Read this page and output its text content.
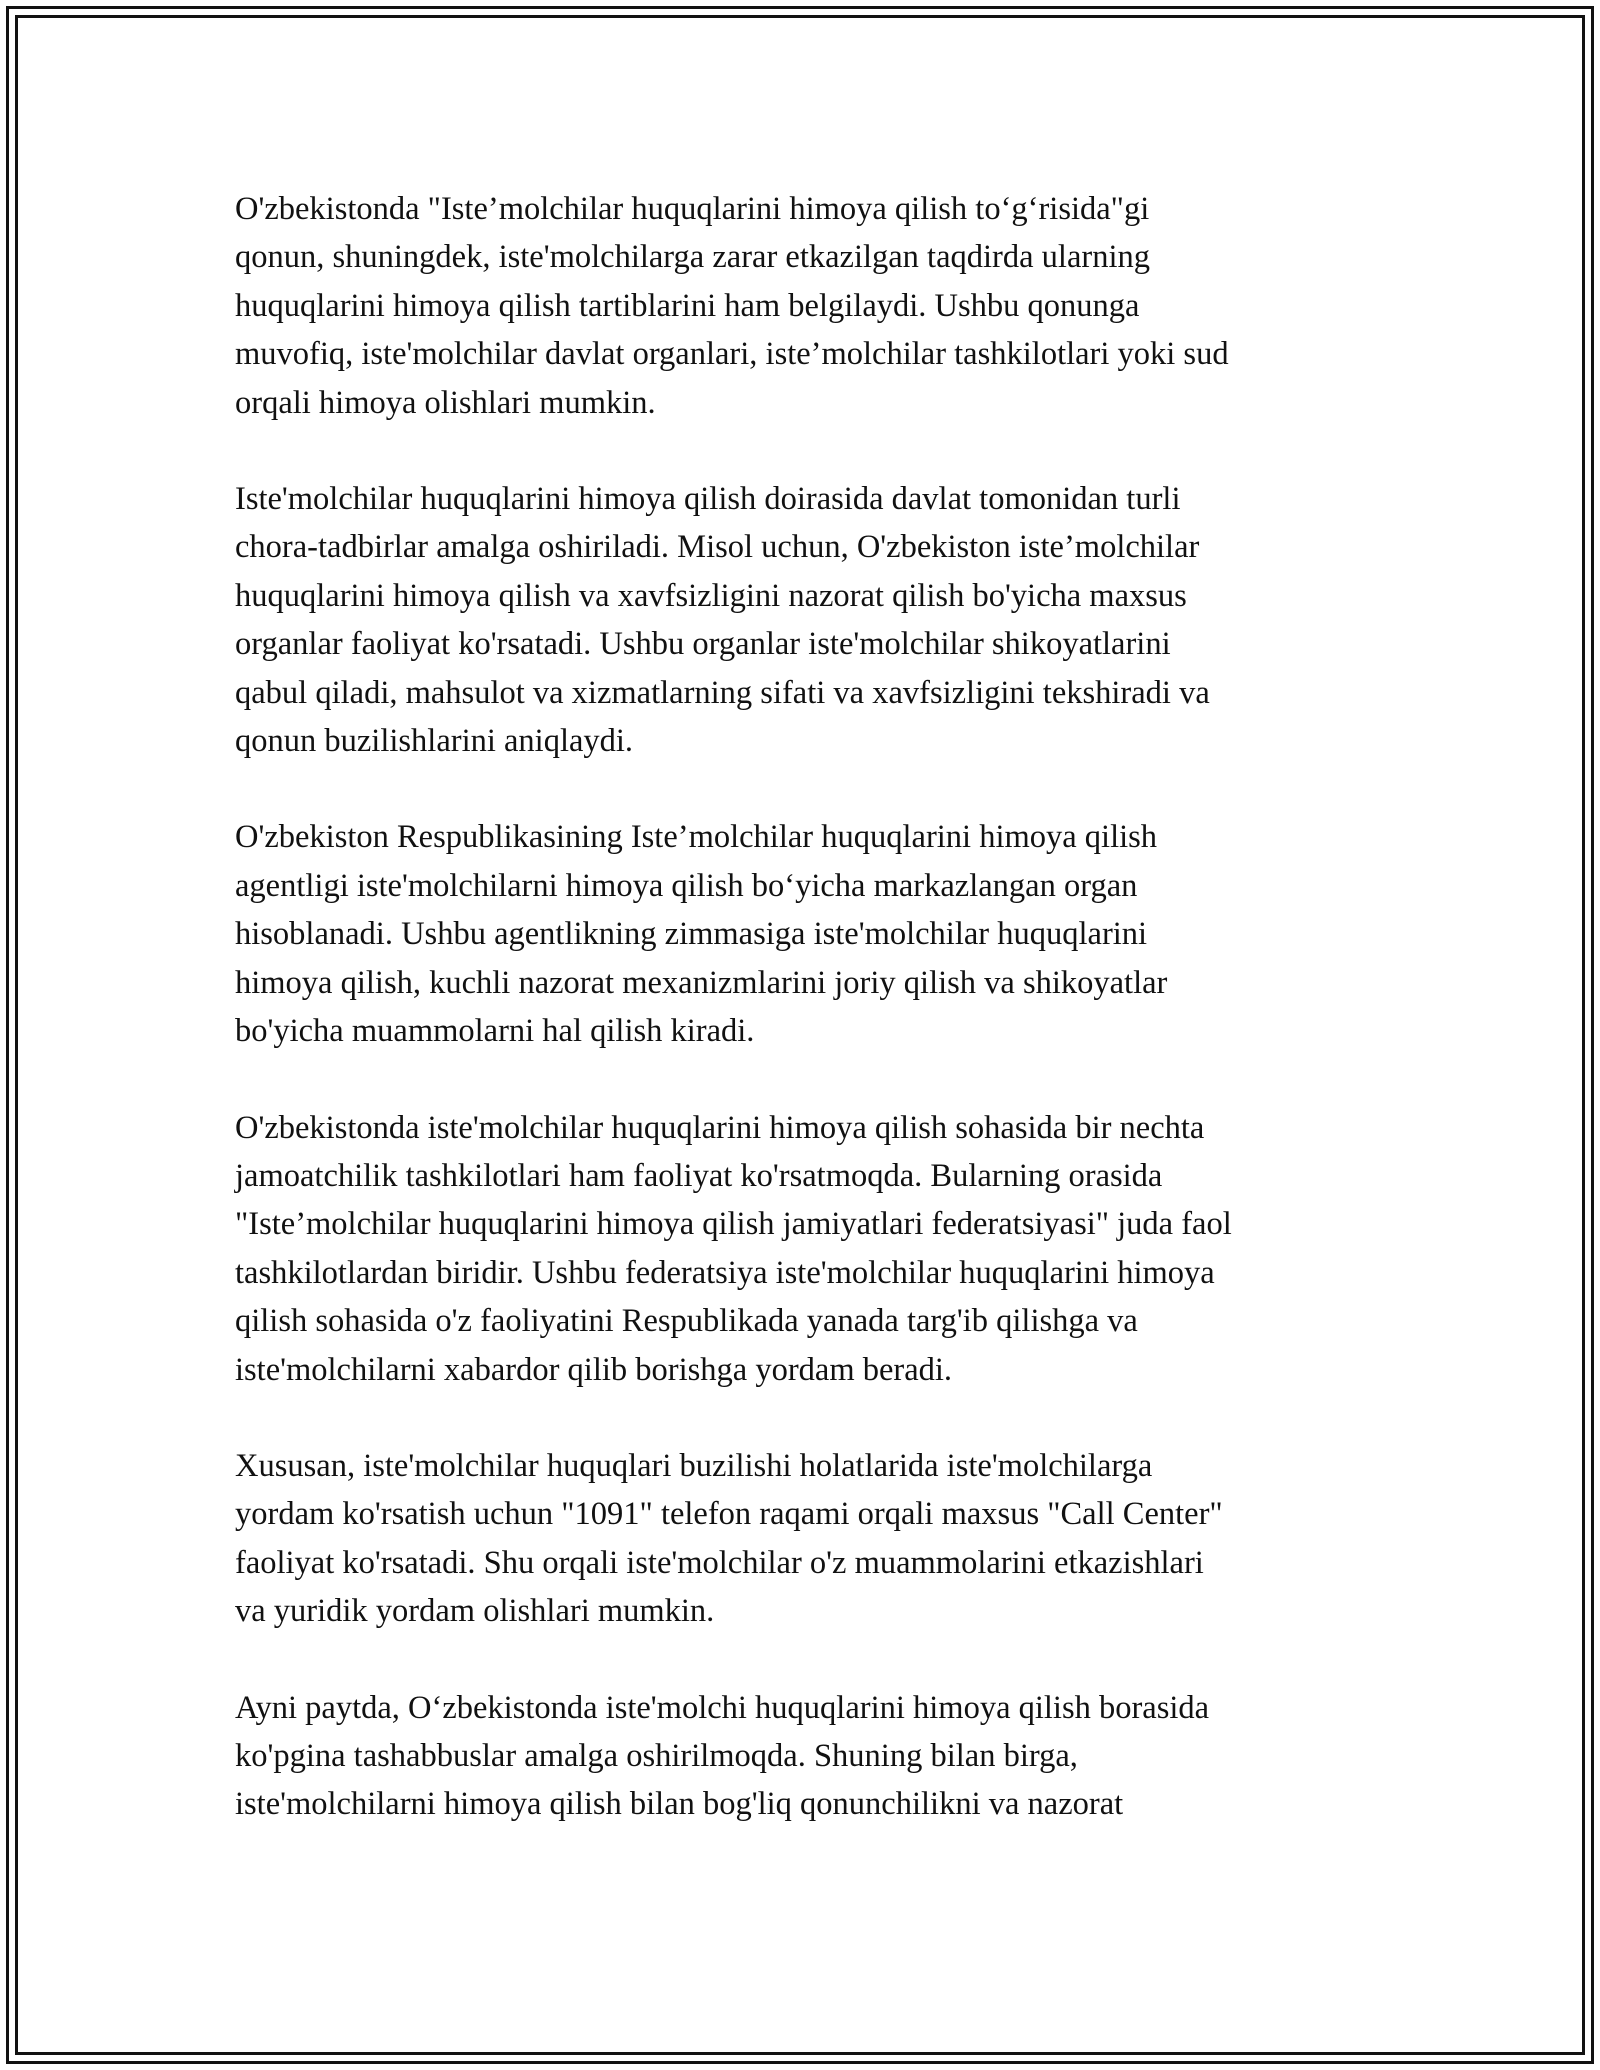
O'zbekistonda "Iste’molchilar huquqlarini himoya qilish to‘g‘risida"gi
qonun, shuningdek, iste'molchilarga zarar etkazilgan taqdirda ularning
huquqlarini himoya qilish tartiblarini ham belgilaydi. Ushbu qonunga
muvofiq, iste'molchilar davlat organlari, iste’molchilar tashkilotlari yoki sud
orqali himoya olishlari mumkin.

Iste'molchilar huquqlarini himoya qilish doirasida davlat tomonidan turli
chora-tadbirlar amalga oshiriladi. Misol uchun, O'zbekiston iste’molchilar
huquqlarini himoya qilish va xavfsizligini nazorat qilish bo'yicha maxsus
organlar faoliyat ko'rsatadi. Ushbu organlar iste'molchilar shikoyatlarini
qabul qiladi, mahsulot va xizmatlarning sifati va xavfsizligini tekshiradi va
qonun buzilishlarini aniqlaydi.

O'zbekiston Respublikasining Iste’molchilar huquqlarini himoya qilish
agentligi iste'molchilarni himoya qilish bo‘yicha markazlangan organ
hisoblanadi. Ushbu agentlikning zimmasiga iste'molchilar huquqlarini
himoya qilish, kuchli nazorat mexanizmlarini joriy qilish va shikoyatlar
bo'yicha muammolarni hal qilish kiradi.

O'zbekistonda iste'molchilar huquqlarini himoya qilish sohasida bir nechta
jamoatchilik tashkilotlari ham faoliyat ko'rsatmoqda. Bularning orasida
"Iste’molchilar huquqlarini himoya qilish jamiyatlari federatsiyasi" juda faol
tashkilotlardan biridir. Ushbu federatsiya iste'molchilar huquqlarini himoya
qilish sohasida o'z faoliyatini Respublikada yanada targ'ib qilishga va
iste'molchilarni xabardor qilib borishga yordam beradi.

Xususan, iste'molchilar huquqlari buzilishi holatlarida iste'molchilarga
yordam ko'rsatish uchun "1091" telefon raqami orqali maxsus "Call Center"
faoliyat ko'rsatadi. Shu orqali iste'molchilar o'z muammolarini etkazishlari
va yuridik yordam olishlari mumkin.

Ayni paytda, O‘zbekistonda iste'molchi huquqlarini himoya qilish borasida
ko'pgina tashabbuslar amalga oshirilmoqda. Shuning bilan birga,
iste'molchilarni himoya qilish bilan bog'liq qonunchilikni va nazorat
